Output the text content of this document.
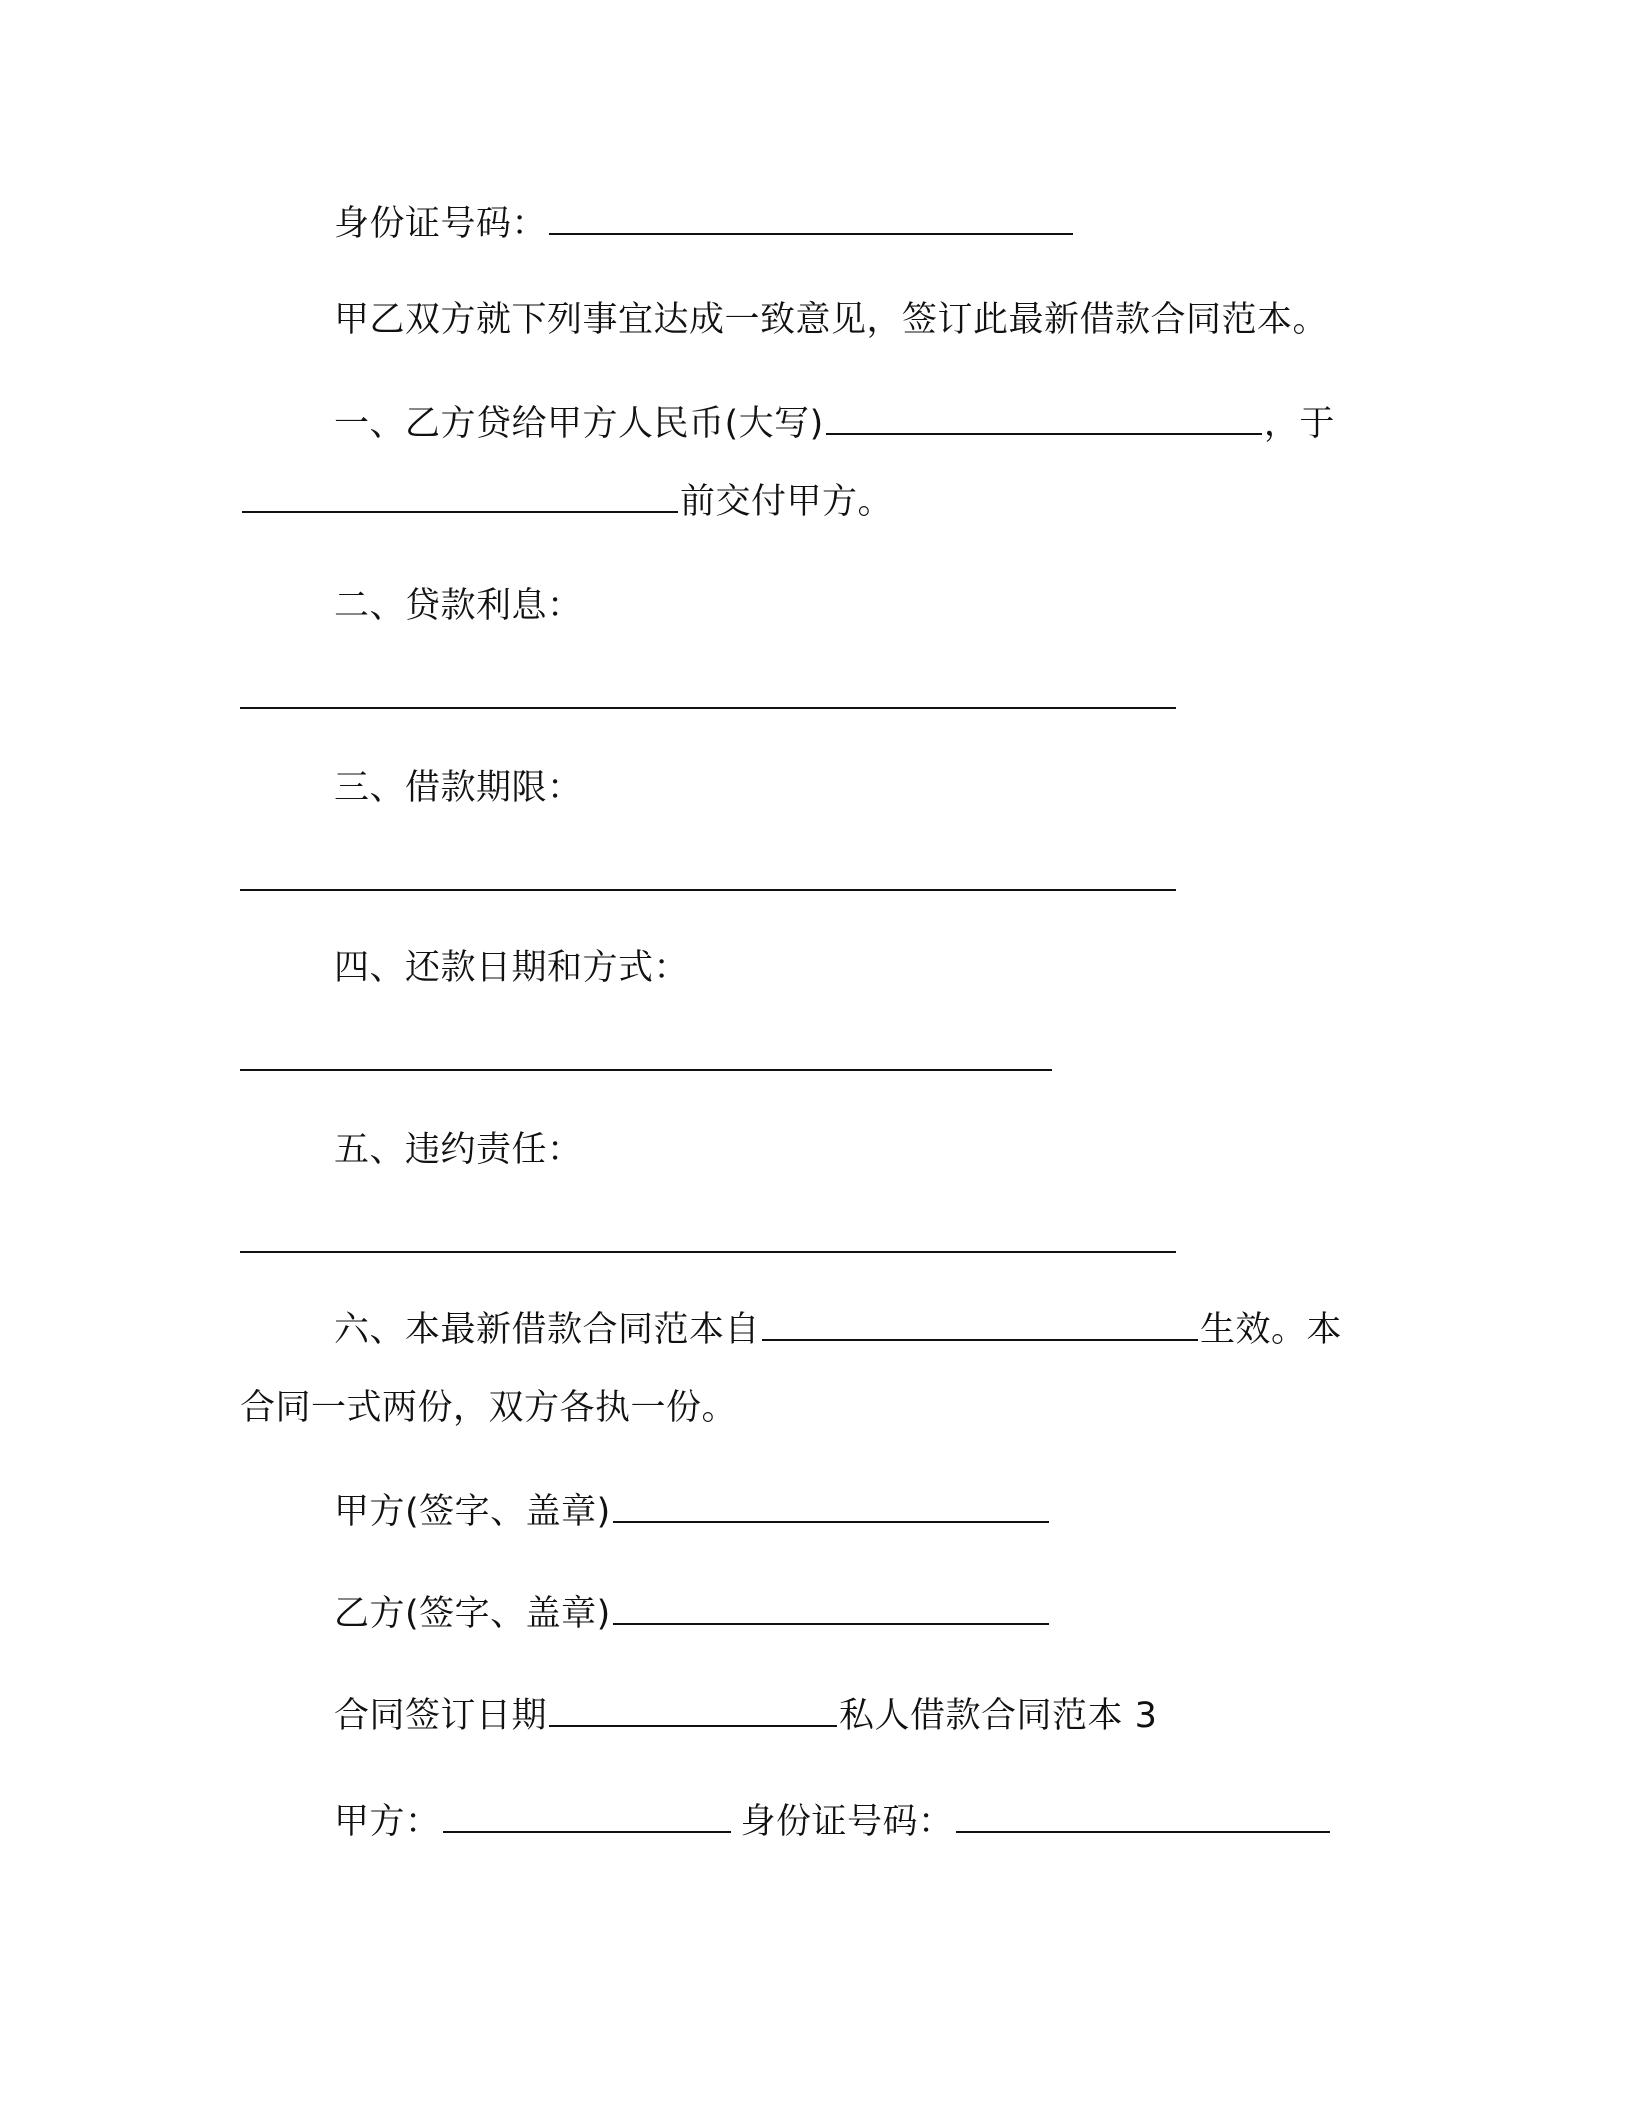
身份证号码：
甲乙双方就下列事宜达成一致意见，签订此最新借款合同范本。
一、乙方贷给甲方人民币(大写)	，于
前交付甲方。
二、贷款利息：
三、借款期限：
四、还款日期和方式：
五、违约责任：
六、本最新借款合同范本自	生效。本
合同一式两份，双方各执一份。
甲方(签字、盖章)
乙方(签字、盖章)
合同签订日期	私人借款合同范本 3
甲方：	身份证号码：
